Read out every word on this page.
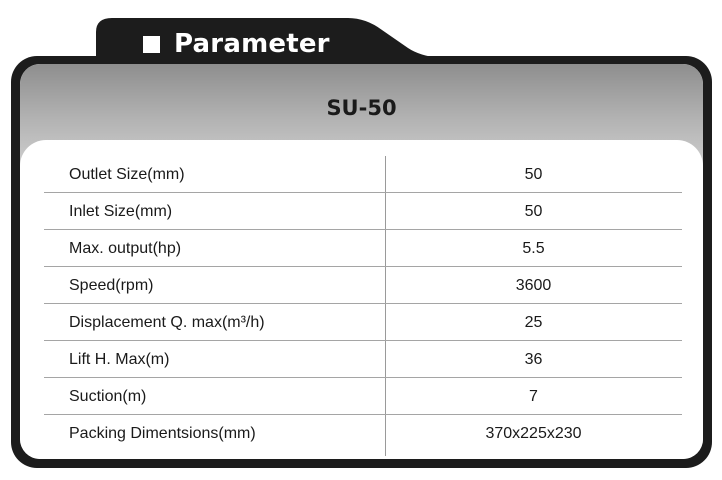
Parameter
SU-50
Outlet Size(mm)	50
Inlet Size(mm)	50
Max. output(hp)	5.5
Speed(rpm)	3600
Displacement Q. max(m³/h)	25
Lift H. Max(m)	36
Suction(m)	7
Packing Dimentsions(mm)	370x225x230
